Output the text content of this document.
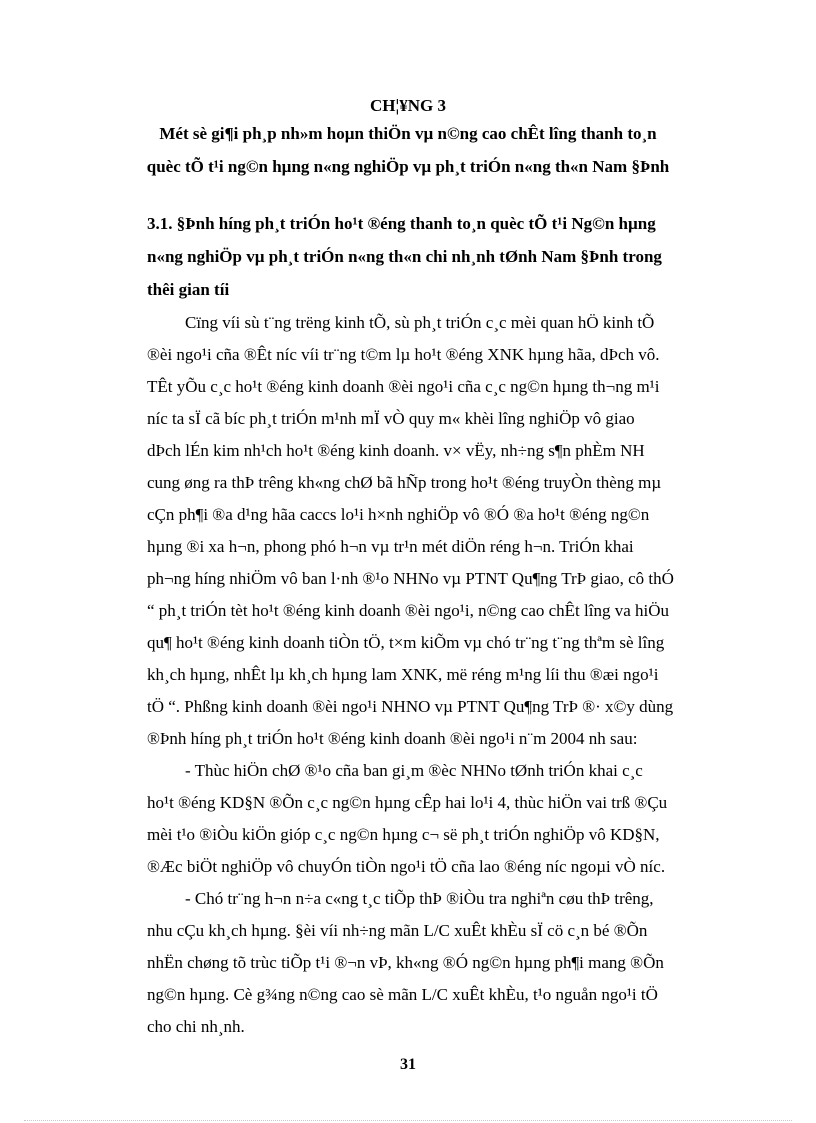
CH¦¥NG 3
Mét sè gi¶i ph¸p nh»m hoµn thiÖn vµ n©ng cao chÊt lîng thanh to¸n
quèc tÕ t¹i ng©n hµng n«ng nghiÖp vµ ph¸t triÓn n«ng th«n Nam §Þnh
3.1. §Þnh híng ph¸t triÓn ho¹t ®éng thanh to¸n quèc tÕ t¹i Ng©n hµng
n«ng nghiÖp vµ ph¸t triÓn n«ng th«n chi nh¸nh tØnh Nam §Þnh trong
thêi gian tíi
Cïng víi sù t¨ng trëng kinh tÕ, sù ph¸t triÓn c¸c mèi quan hÖ kinh tÕ
®èi ngo¹i cña ®Êt níc víi tr¨ng t©m lµ ho¹t ®éng XNK hµng hãa, dÞch vô.
TÊt yÕu c¸c ho¹t ®éng kinh doanh ®èi ngo¹i cña c¸c ng©n hµng th¬ng m¹i
níc ta sÏ cã bíc ph¸t triÓn m¹nh mÏ vÒ quy m« khèi lîng nghiÖp vô giao
dÞch lÉn kim nh¹ch ho¹t ®éng kinh doanh. v× vËy, nh÷ng s¶n phÈm NH
cung øng ra thÞ trêng kh«ng chØ bã hÑp trong ho¹t ®éng truyÒn thèng mµ
cÇn ph¶i ®a d¹ng hãa caccs lo¹i h×nh nghiÖp vô ®Ó ®a ho¹t ®éng ng©n
hµng ®i xa h¬n, phong phó h¬n vµ tr¹n mét diÖn réng h¬n. TriÓn khai
ph¬ng híng nhiÖm vô ban l·nh ®¹o NHNo vµ PTNT Qu¶ng TrÞ giao, cô thÓ
“ ph¸t triÓn tèt ho¹t ®éng kinh doanh ®èi ngo¹i, n©ng cao chÊt lîng va hiÖu
qu¶ ho¹t ®éng kinh doanh tiÒn tÖ, t×m kiÕm vµ chó tr¨ng t¨ng thªm sè lîng
kh¸ch hµng, nhÊt lµ kh¸ch hµng lam XNK, më réng m¹ng líi thu ®æi ngo¹i
tÖ “. Phßng kinh doanh ®èi ngo¹i NHNO vµ PTNT Qu¶ng TrÞ ®· x©y dùng
®Þnh híng ph¸t triÓn ho¹t ®éng kinh doanh ®èi ngo¹i n¨m 2004 nh sau:
- Thùc hiÖn chØ ®¹o cña ban gi¸m ®èc NHNo tØnh triÓn khai c¸c
ho¹t ®éng KD§N ®Õn c¸c ng©n hµng cÊp hai lo¹i 4, thùc hiÖn vai trß ®Çu
mèi t¹o ®iÒu kiÖn gióp c¸c ng©n hµng c¬ së ph¸t triÓn nghiÖp vô KD§N,
®Æc biÖt nghiÖp vô chuyÓn tiÒn ngo¹i tÖ cña lao ®éng níc ngoµi vÒ níc.
- Chó tr¨ng h¬n n÷a c«ng t¸c tiÕp thÞ ®iÒu tra nghiªn cøu thÞ trêng,
nhu cÇu kh¸ch hµng. §èi víi nh÷ng mãn L/C xuÊt khÈu sÏ cö c¸n bé ®Õn
nhËn chøng tõ trùc tiÕp t¹i ®¬n vÞ, kh«ng ®Ó ng©n hµng ph¶i mang ®Õn
ng©n hµng. Cè g¾ng n©ng cao sè mãn L/C xuÊt khÈu, t¹o nguån ngo¹i tÖ
cho chi nh¸nh.
31
